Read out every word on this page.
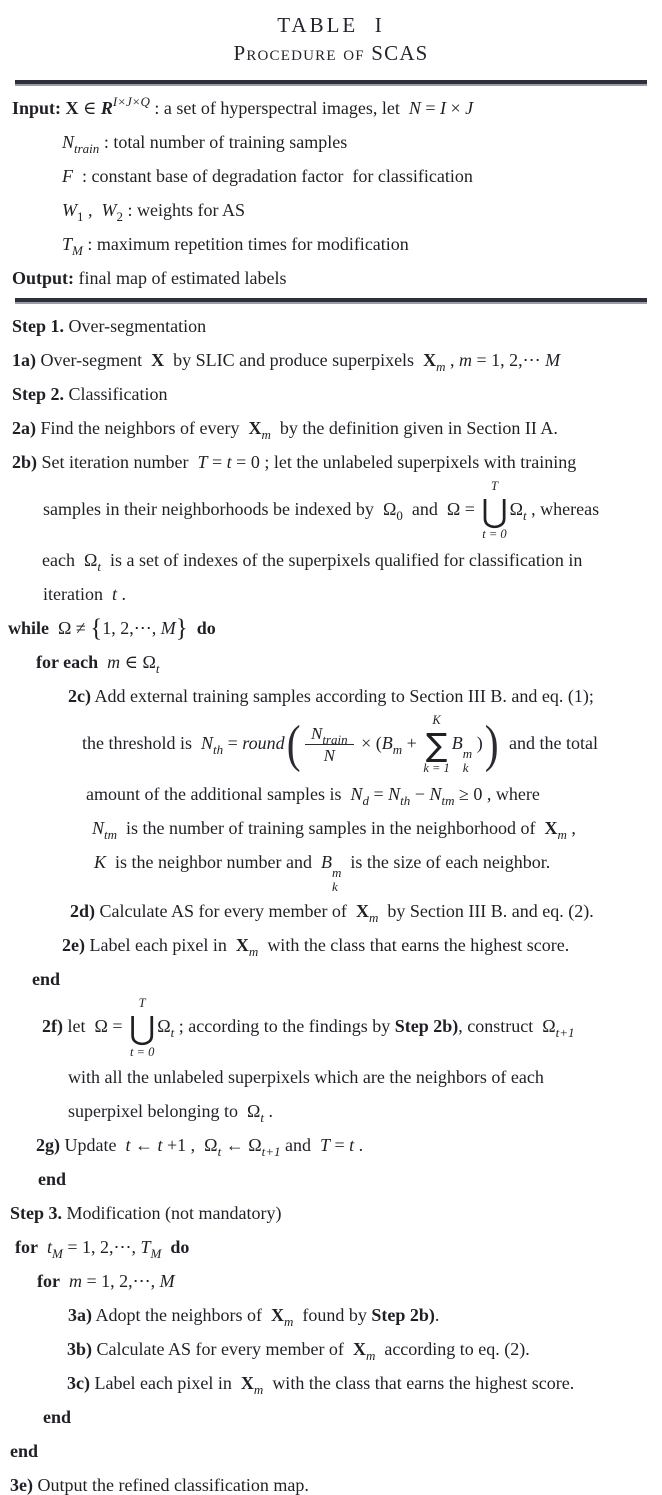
TABLE  I
Procedure of SCAS
Input: X ∈ $R^{I\times J\times Q}$ : a set of hyperspectral images, let  N = I × J
$N_{train}$ : total number of training samples
F  : constant base of degradation factor  for classification
$W_1$ ,  $W_2$ : weights for AS
$T_M$ : maximum repetition times for modification
Output: final map of estimated labels
Step 1. Over-segmentation
1a) Over-segment  X  by SLIC and produce superpixels  $X_m$ , m = 1, 2,⋯ M
Step 2. Classification
2a) Find the neighbors of every  $X_m$  by the definition given in Section II A.
2b) Set iteration number  T = t = 0 ; let the unlabeled superpixels with training
samples in their neighborhoods be indexed by  $\Omega_0$  and  Ω =
T
⋃
t = 0
$\Omega_t$ , whereas
each  $\Omega_t$  is a set of indexes of the superpixels qualified for classification in
iteration  t .
while  Ω ≠ {1, 2,⋯, M} do
for each m ∈ $\Omega_t$
2c) Add external training samples according to Section III B. and eq. (1);
the threshold is  $N_{th}$ = round( $\frac{N_{train}}{N} \times (B_m$ +
K
∑
k = 1
B
m
k
))  and the total
amount of the additional samples is  $N_d = N_{th} - N_{tm} \ge 0$ , where
$N_{tm}$  is the number of training samples in the neighborhood of  $X_m$ ,
K  is the neighbor number and  B
m
k
is the size of each neighbor.
2d) Calculate AS for every member of  $X_m$  by Section III B. and eq. (2).
2e) Label each pixel in  $X_m$  with the class that earns the highest score.
end
2f) let  Ω =
T
⋃
t = 0
$\Omega_t$ ; according to the findings by Step 2b), construct  $\Omega_{t+1}$
with all the unlabeled superpixels which are the neighbors of each
superpixel belonging to  $\Omega_t$ .
2g) Update  t ← t +1 ,  $\Omega_t$ ← $\Omega_{t+1}$ and  T = t .
end
Step 3. Modification (not mandatory)
for $t_M = 1$, 2,⋯, $T_M$ do
for m = 1, 2,⋯, M
3a) Adopt the neighbors of  $X_m$  found by Step 2b).
3b) Calculate AS for every member of  $X_m$  according to eq. (2).
3c) Label each pixel in  $X_m$  with the class that earns the highest score.
end
end
3e) Output the refined classification map.
